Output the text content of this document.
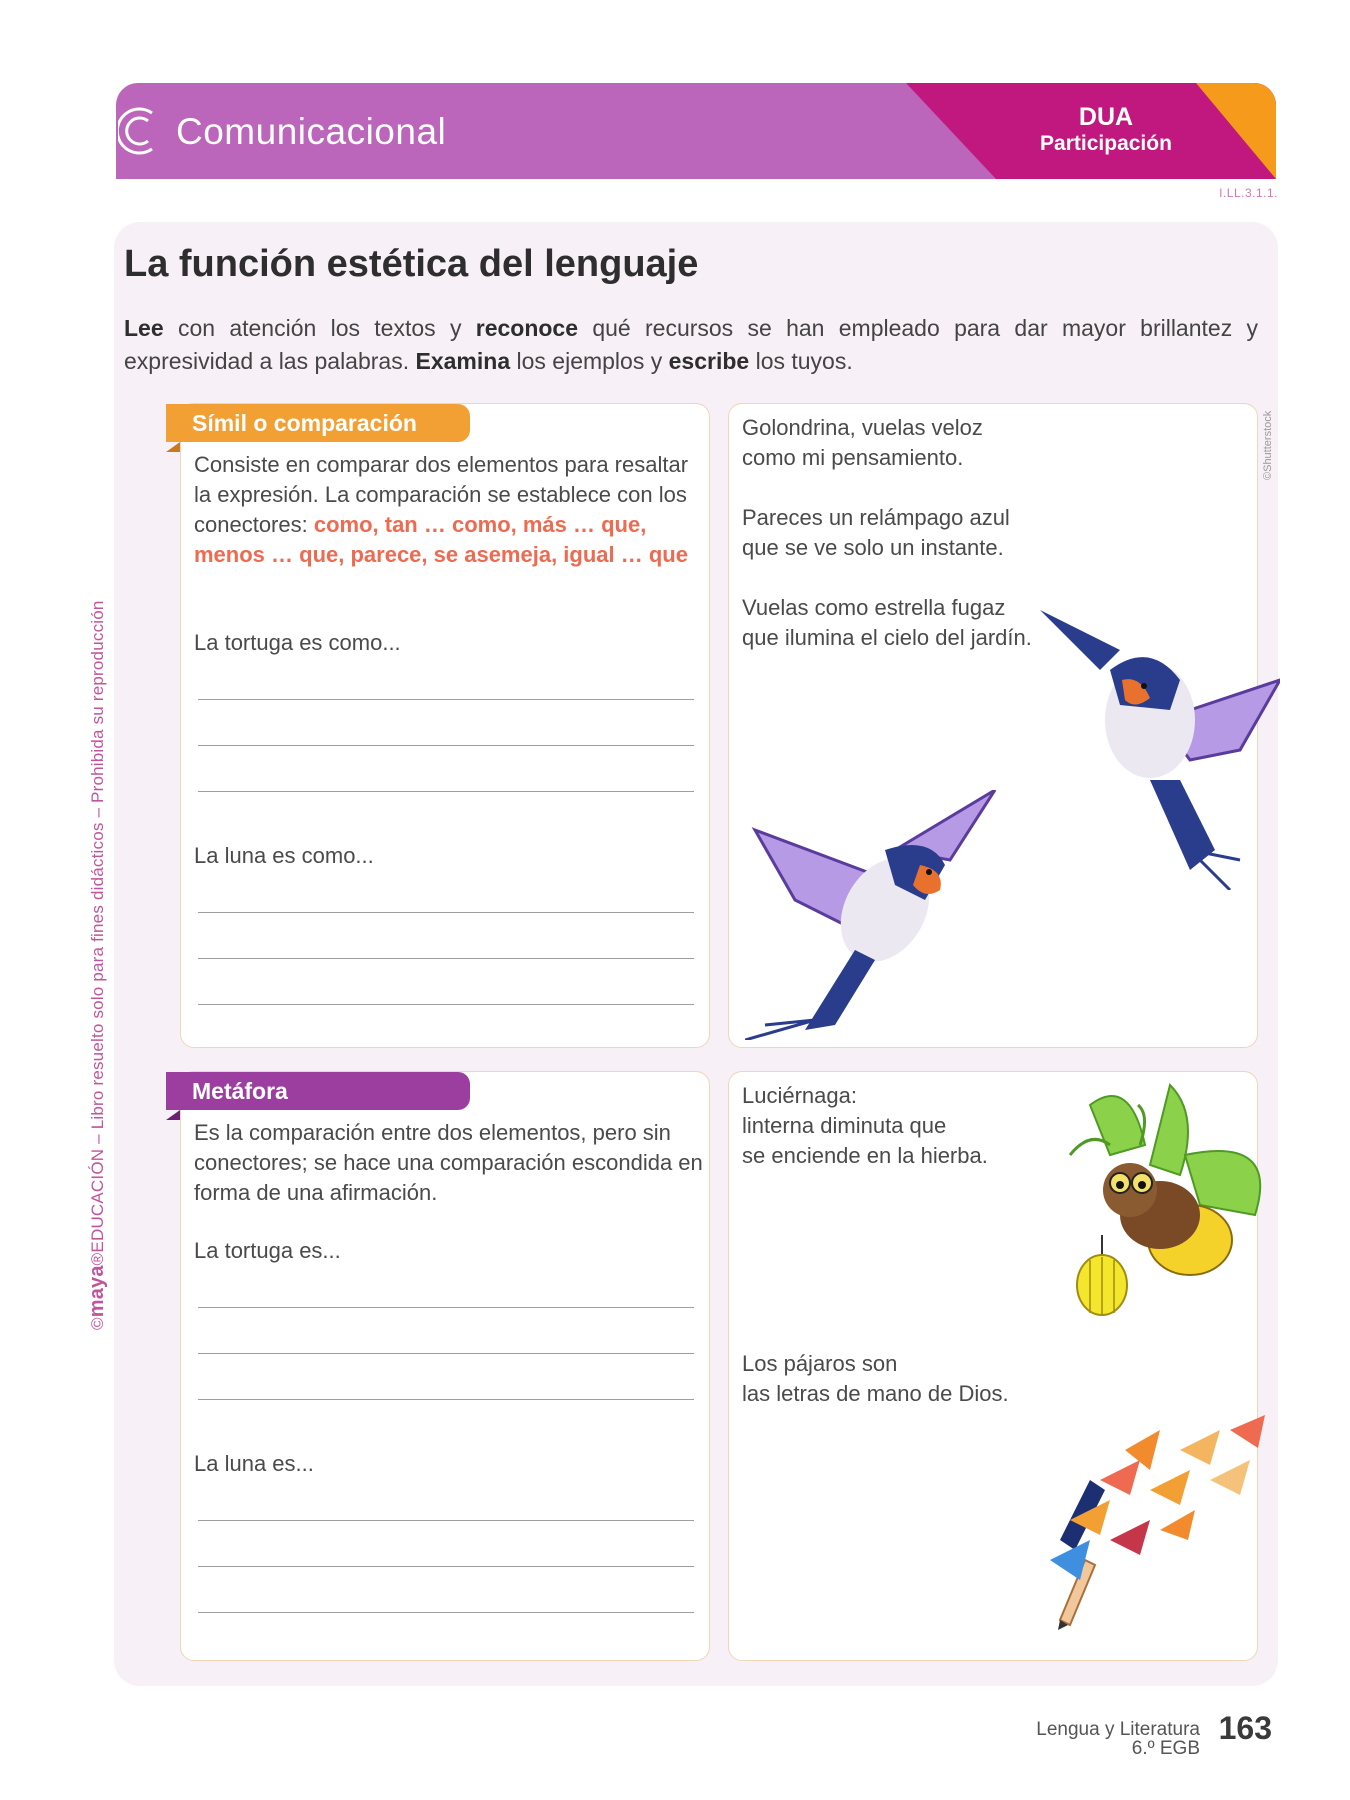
Comunicacional	DUA
Participación
I.LL.3.1.1.
©maya®EDUCACIÓN – Libro resuelto solo para fines didácticos – Prohibida su reproducción
La función estética del lenguaje
Lee con atención los textos y reconoce qué recursos se han empleado para dar mayor brillantez y expresividad a las palabras. Examina los ejemplos y escribe los tuyos.
Símil o comparación
Consiste en comparar dos elementos para resaltar la expresión. La comparación se establece con los conectores: como, tan … como, más … que, menos … que, parece, se asemeja, igual … que
La tortuga es como...
La luna es como...
Golondrina, vuelas veloz
como mi pensamiento.
Pareces un relámpago azul
que se ve solo un instante.
Vuelas como estrella fugaz
que ilumina el cielo del jardín.
©Shutterstock
Metáfora
Es la comparación entre dos elementos, pero sin conectores; se hace una comparación escondida en forma de una afirmación.
La tortuga es...
La luna es...
Luciérnaga:
linterna diminuta que
se enciende en la hierba.
Los pájaros son
las letras de mano de Dios.
Lengua y Literatura
6.º EGB
163
